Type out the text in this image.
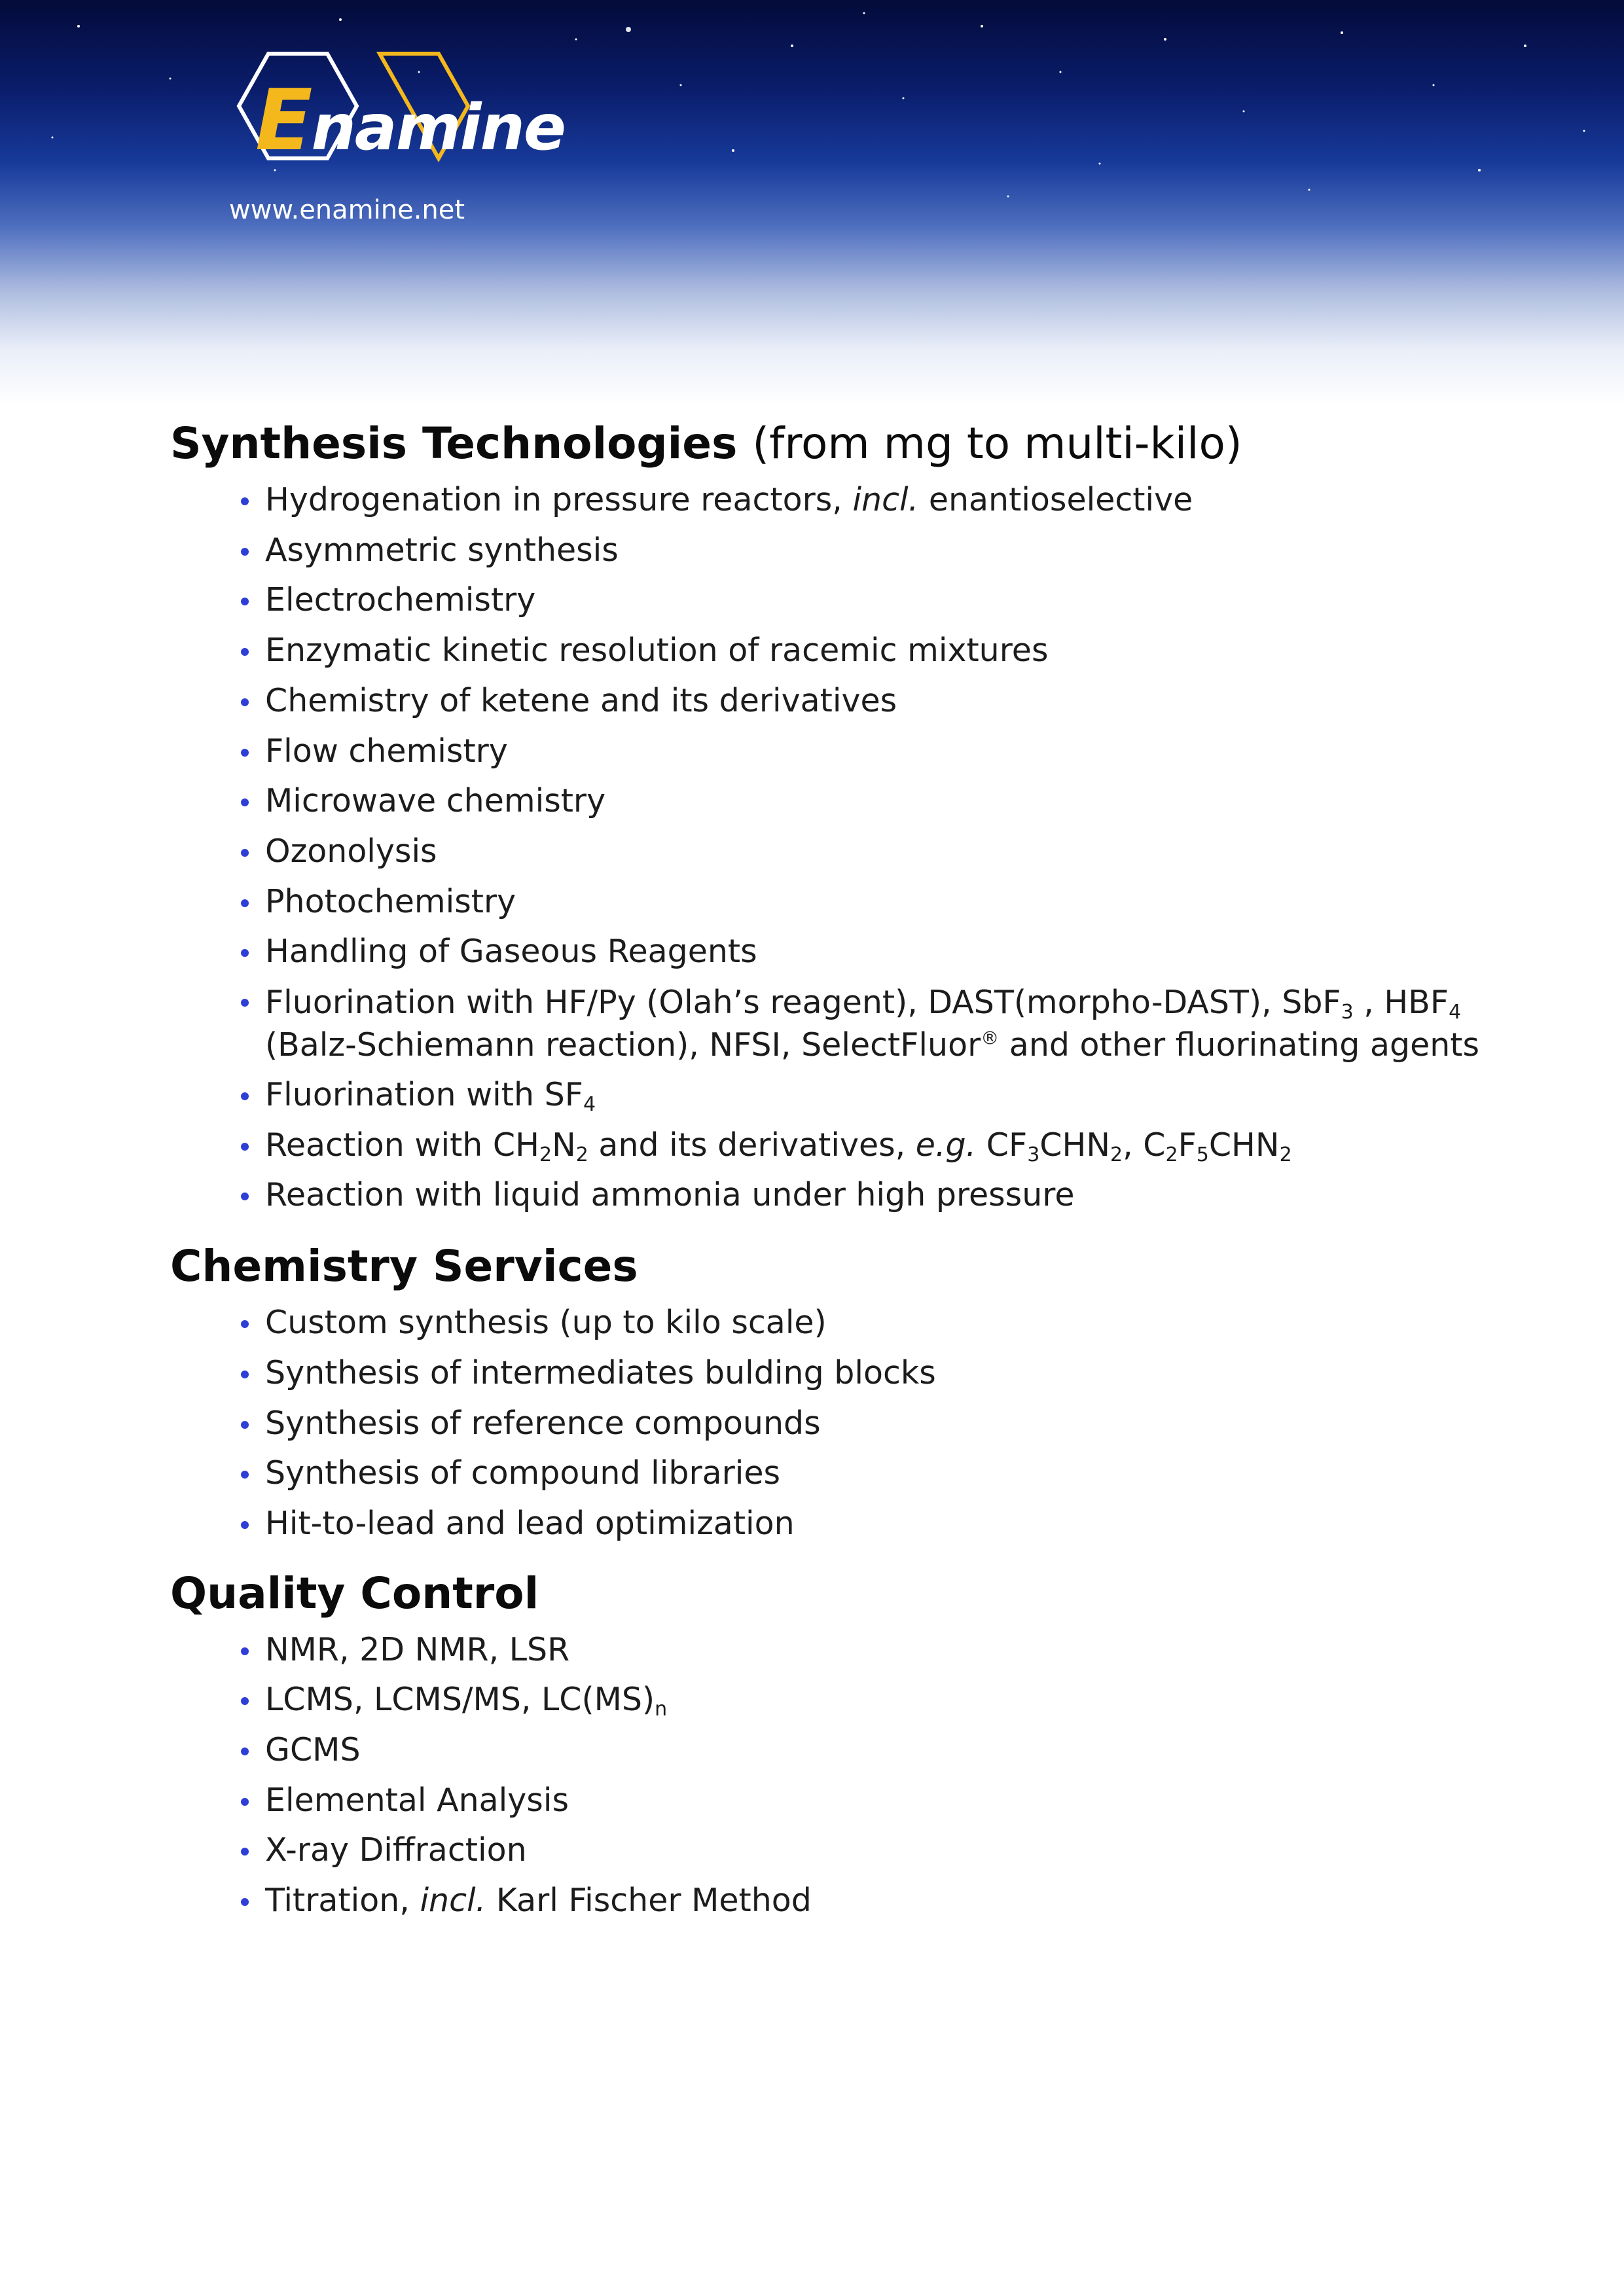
Enamine
www.enamine.net
Synthesis Technologies (from mg to multi-kilo)
Hydrogenation in pressure reactors, incl. enantioselective
Asymmetric synthesis
Electrochemistry
Enzymatic kinetic resolution of racemic mixtures
Chemistry of ketene and its derivatives
Flow chemistry
Microwave chemistry
Ozonolysis
Photochemistry
Handling of Gaseous Reagents
Fluorination with HF/Py (Olah’s reagent), DAST(morpho-DAST), SbF$_3$ , $HBF_4$
(Balz-Schiemann reaction), NFSI, SelectFluor® and other fluorinating agents
Fluorination with $SF_4$
Reaction with $CH_2N_2$ and its derivatives, e.g. $CF_3CHN_2$, $C_2F_5CHN_2$
Reaction with liquid ammonia under high pressure
Chemistry Services
Custom synthesis (up to kilo scale)
Synthesis of intermediates bulding blocks
Synthesis of reference compounds
Synthesis of compound libraries
Hit-to-lead and lead optimization
Quality Control
NMR, 2D NMR, LSR
LCMS, LCMS/MS, $LC(MS)_n$
GCMS
Elemental Analysis
X-ray Diffraction
Titration, incl. Karl Fischer Method
